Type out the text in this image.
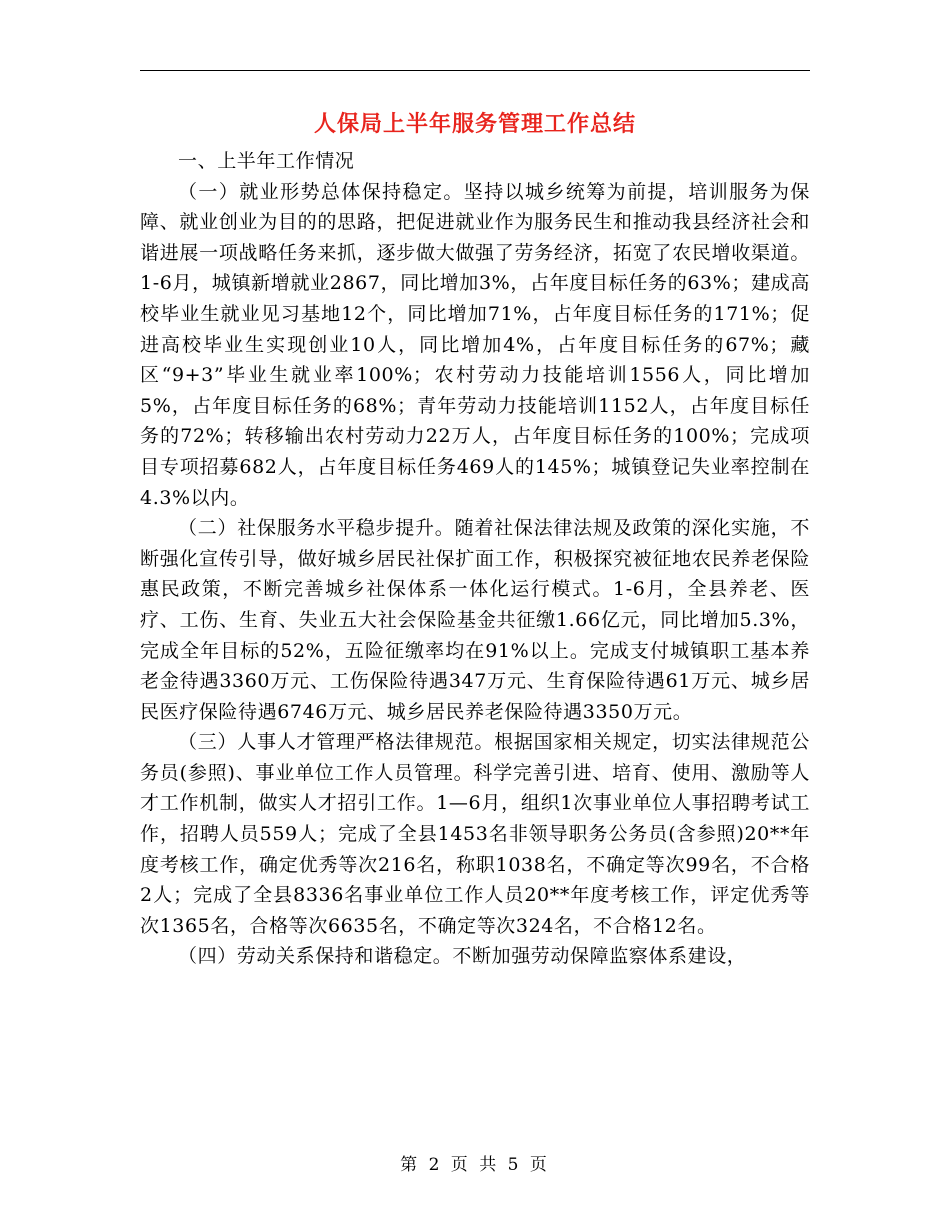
人保局上半年服务管理工作总结

一、上半年工作情况

（一）就业形势总体保持稳定。坚持以城乡统筹为前提，培训服务为保障、就业创业为目的的思路，把促进就业作为服务民生和推动我县经济社会和谐进展一项战略任务来抓，逐步做大做强了劳务经济，拓宽了农民增收渠道。1-6月，城镇新增就业2867，同比增加3%，占年度目标任务的63%；建成高校毕业生就业见习基地12个，同比增加71%，占年度目标任务的171%；促进高校毕业生实现创业10人，同比增加4%，占年度目标任务的67%；藏区“9+3”毕业生就业率100%；农村劳动力技能培训1556人，同比增加5%，占年度目标任务的68%；青年劳动力技能培训1152人，占年度目标任务的72%；转移输出农村劳动力22万人，占年度目标任务的100%；完成项目专项招募682人，占年度目标任务469人的145%；城镇登记失业率控制在4.3%以内。

（二）社保服务水平稳步提升。随着社保法律法规及政策的深化实施，不断强化宣传引导，做好城乡居民社保扩面工作，积极探究被征地农民养老保险惠民政策，不断完善城乡社保体系一体化运行模式。1-6月，全县养老、医疗、工伤、生育、失业五大社会保险基金共征缴1.66亿元，同比增加5.3%，完成全年目标的52%，五险征缴率均在91%以上。完成支付城镇职工基本养老金待遇3360万元、工伤保险待遇347万元、生育保险待遇61万元、城乡居民医疗保险待遇6746万元、城乡居民养老保险待遇3350万元。

（三）人事人才管理严格法律规范。根据国家相关规定，切实法律规范公务员(参照)、事业单位工作人员管理。科学完善引进、培育、使用、激励等人才工作机制，做实人才招引工作。1—6月，组织1次事业单位人事招聘考试工作，招聘人员559人；完成了全县1453名非领导职务公务员(含参照)20**年度考核工作，确定优秀等次216名，称职1038名，不确定等次99名，不合格2人；完成了全县8336名事业单位工作人员20**年度考核工作，评定优秀等次1365名，合格等次6635名，不确定等次324名，不合格12名。

（四）劳动关系保持和谐稳定。不断加强劳动保障监察体系建设，

第 2 页 共 5 页
